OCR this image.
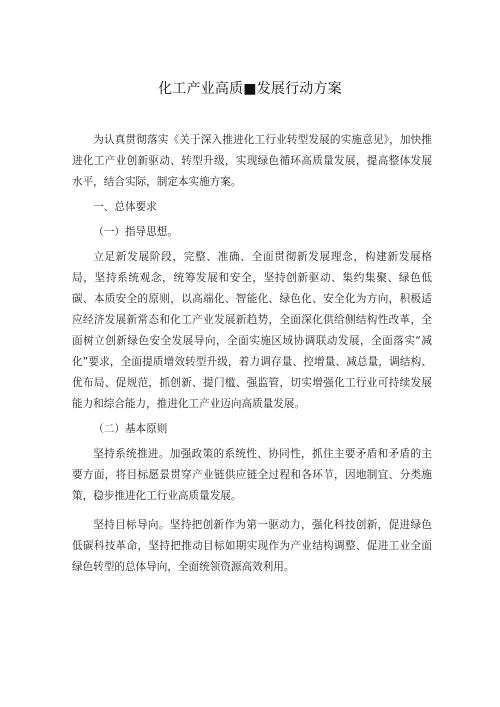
化工产业高质■发展行动方案

为认真贯彻落实《关于深入推进化工行业转型发展的实施意见》，加快推进化工产业创新驱动、转型升级，实现绿色循环高质量发展，提高整体发展水平，结合实际，制定本实施方案。

一、总体要求

（一）指导思想。

立足新发展阶段，完整、准确、全面贯彻新发展理念，构建新发展格局，坚持系统观念，统筹发展和安全，坚持创新驱动、集约集聚、绿色低碳、本质安全的原则，以高端化、智能化、绿色化、安全化为方向，积极适应经济发展新常态和化工产业发展新趋势，全面深化供给侧结构性改革，全面树立创新绿色安全发展导向，全面实施区域协调联动发展，全面落实“减化”要求，全面提质增效转型升级，着力调存量、控增量、减总量，调结构、优布局、促规范，抓创新、提门槛、强监管，切实增强化工行业可持续发展能力和综合能力，推进化工产业迈向高质量发展。

（二）基本原则

坚持系统推进。加强政策的系统性、协同性，抓住主要矛盾和矛盾的主要方面，将目标愿景贯穿产业链供应链全过程和各环节，因地制宜、分类施策，稳步推进化工行业高质量发展。

坚持目标导向。坚持把创新作为第一驱动力，强化科技创新，促进绿色低碳科技革命，坚持把推动目标如期实现作为产业结构调整、促进工业全面绿色转型的总体导向，全面统领资源高效利用。
